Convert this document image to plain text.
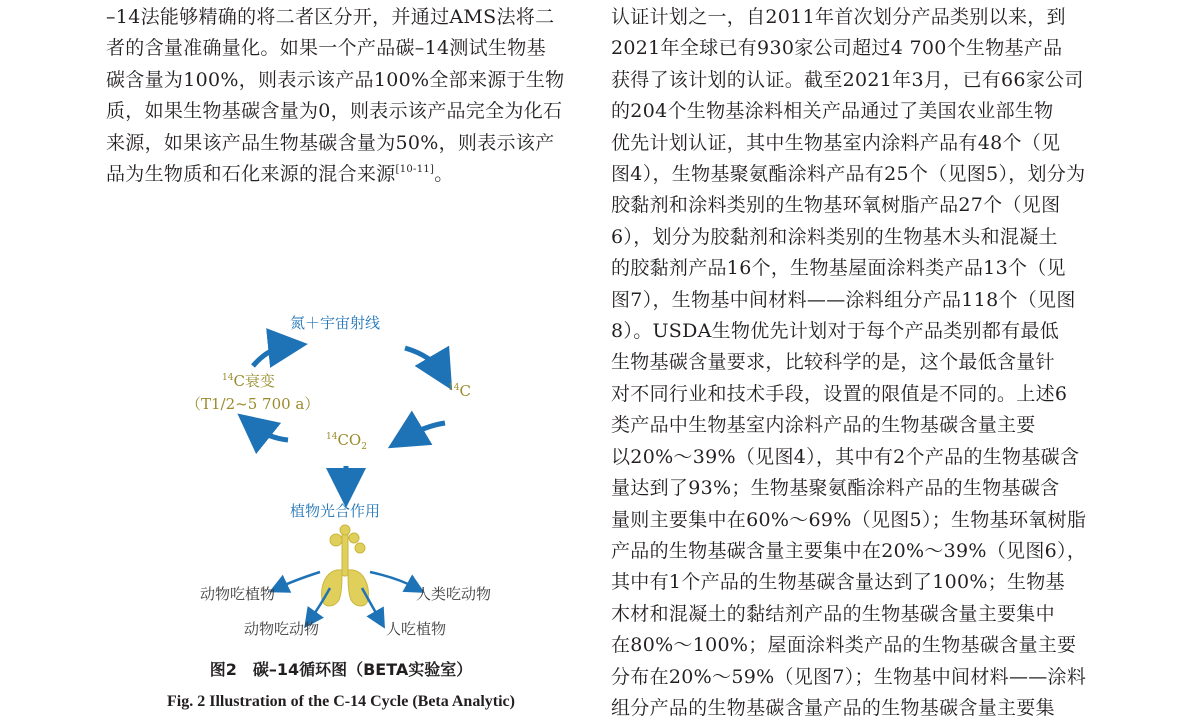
–14法能够精确的将二者区分开，并通过AMS法将二
者的含量准确量化。如果一个产品碳–14测试生物基
碳含量为100%，则表示该产品100%全部来源于生物
质，如果生物基碳含量为0，则表示该产品完全为化石
来源，如果该产品生物基碳含量为50%，则表示该产
品为生物质和石化来源的混合来源[10-11]。
氮＋宇宙射线
$^{14}$C衰变
（T1/2~5 700 a）
$^{14}$C
$^{14}CO_2$
植物光合作用
动物吃植物
动物吃动物
人类吃动物
人吃植物
图2　碳–14循环图（BETA实验室）
Fig. 2 Illustration of the C-14 Cycle (Beta Analytic)
认证计划之一，自2011年首次划分产品类别以来，到
2021年全球已有930家公司超过4 700个生物基产品
获得了该计划的认证。截至2021年3月，已有66家公司
的204个生物基涂料相关产品通过了美国农业部生物
优先计划认证，其中生物基室内涂料产品有48个（见
图4），生物基聚氨酯涂料产品有25个（见图5），划分为
胶黏剂和涂料类别的生物基环氧树脂产品27个（见图
6），划分为胶黏剂和涂料类别的生物基木头和混凝土
的胶黏剂产品16个，生物基屋面涂料类产品13个（见
图7），生物基中间材料——涂料组分产品118个（见图
8）。USDA生物优先计划对于每个产品类别都有最低
生物基碳含量要求，比较科学的是，这个最低含量针
对不同行业和技术手段，设置的限值是不同的。上述6
类产品中生物基室内涂料产品的生物基碳含量主要
以20%～39%（见图4），其中有2个产品的生物基碳含
量达到了93%；生物基聚氨酯涂料产品的生物基碳含
量则主要集中在60%～69%（见图5）；生物基环氧树脂
产品的生物基碳含量主要集中在20%～39%（见图6），
其中有1个产品的生物基碳含量达到了100%；生物基
木材和混凝土的黏结剂产品的生物基碳含量主要集中
在80%～100%；屋面涂料类产品的生物基碳含量主要
分布在20%～59%（见图7）；生物基中间材料——涂料
组分产品的生物基碳含量产品的生物基碳含量主要集
